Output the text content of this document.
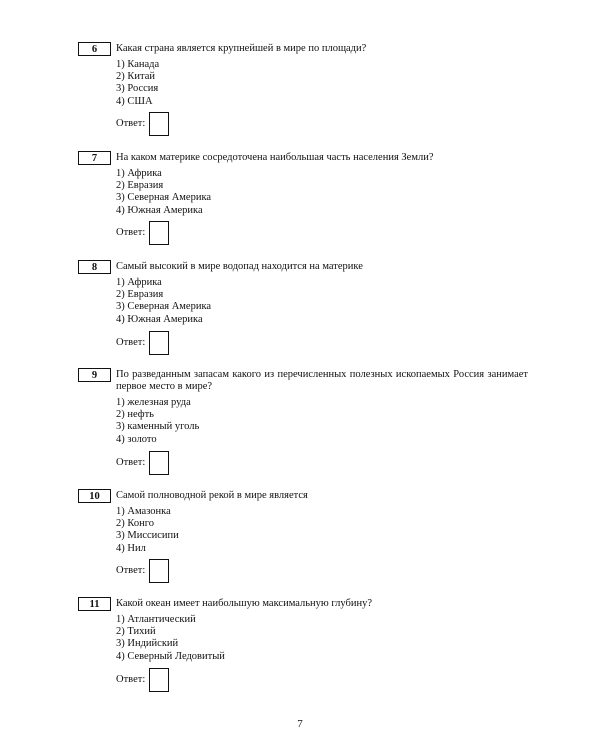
6	Какая страна является крупнейшей в мире по площади?
1) Канада
2) Китай
3) Россия
4) США
Ответ:
7	На каком материке сосредоточена наибольшая часть населения Земли?
1) Африка
2) Евразия
3) Северная Америка
4) Южная Америка
Ответ:
8	Самый высокий в мире водопад находится на материке
1) Африка
2) Евразия
3) Северная Америка
4) Южная Америка
Ответ:
9	По разведанным запасам какого из перечисленных полезных ископаемых Россия занимает первое место в мире?
1) железная руда
2) нефть
3) каменный уголь
4) золото
Ответ:
10	Самой полноводной рекой в мире является
1) Амазонка
2) Конго
3) Миссисипи
4) Нил
Ответ:
11	Какой океан имеет наибольшую максимальную глубину?
1) Атлантический
2) Тихий
3) Индийский
4) Северный Ледовитый
Ответ:
7
